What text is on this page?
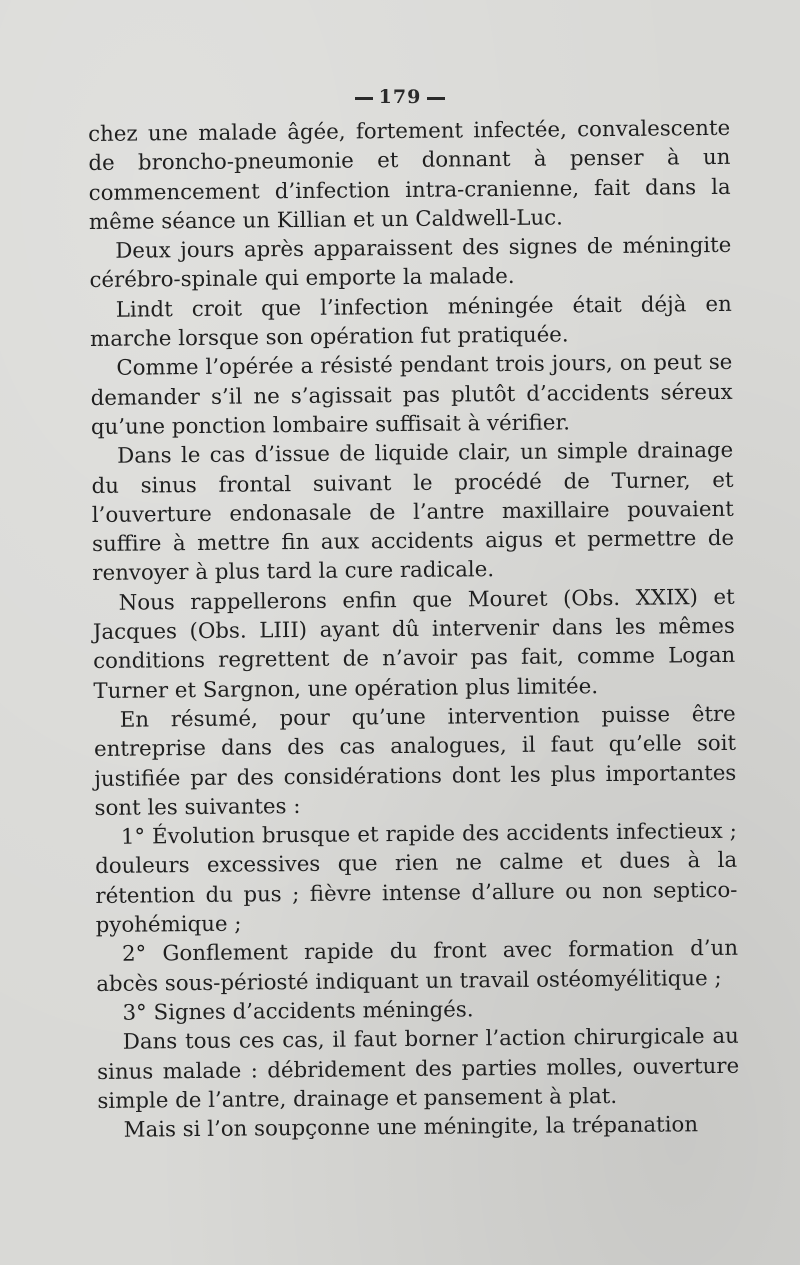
179

chez une malade âgée, fortement infectée, convalescente de broncho-pneumonie et donnant à penser à un commencement d’infection intra-cranienne, fait dans la même séance un Killian et un Caldwell-Luc.

Deux jours après apparaissent des signes de méningite cérébro-spinale qui emporte la malade.

Lindt croit que l’infection méningée était déjà en marche lorsque son opération fut pratiquée.

Comme l’opérée a résisté pendant trois jours, on peut se demander s’il ne s’agissait pas plutôt d’accidents séreux qu’une ponction lombaire suffisait à vérifier.

Dans le cas d’issue de liquide clair, un simple drainage du sinus frontal suivant le procédé de Turner, et l’ouverture endonasale de l’antre maxillaire pouvaient suffire à mettre fin aux accidents aigus et permettre de renvoyer à plus tard la cure radicale.

Nous rappellerons enfin que Mouret (Obs. XXIX) et Jacques (Obs. LIII) ayant dû intervenir dans les mêmes conditions regrettent de n’avoir pas fait, comme Logan Turner et Sargnon, une opération plus limitée.

En résumé, pour qu’une intervention puisse être entreprise dans des cas analogues, il faut qu’elle soit justifiée par des considérations dont les plus importantes sont les suivantes :

1° Évolution brusque et rapide des accidents infectieux ; douleurs excessives que rien ne calme et dues à la rétention du pus ; fièvre intense d’allure ou non septico-pyohémique ;

2° Gonflement rapide du front avec formation d’un abcès sous-périosté indiquant un travail ostéomyélitique ;

3° Signes d’accidents méningés.

Dans tous ces cas, il faut borner l’action chirurgicale au sinus malade : débridement des parties molles, ouverture simple de l’antre, drainage et pansement à plat.

Mais si l’on soupçonne une méningite, la trépanation
